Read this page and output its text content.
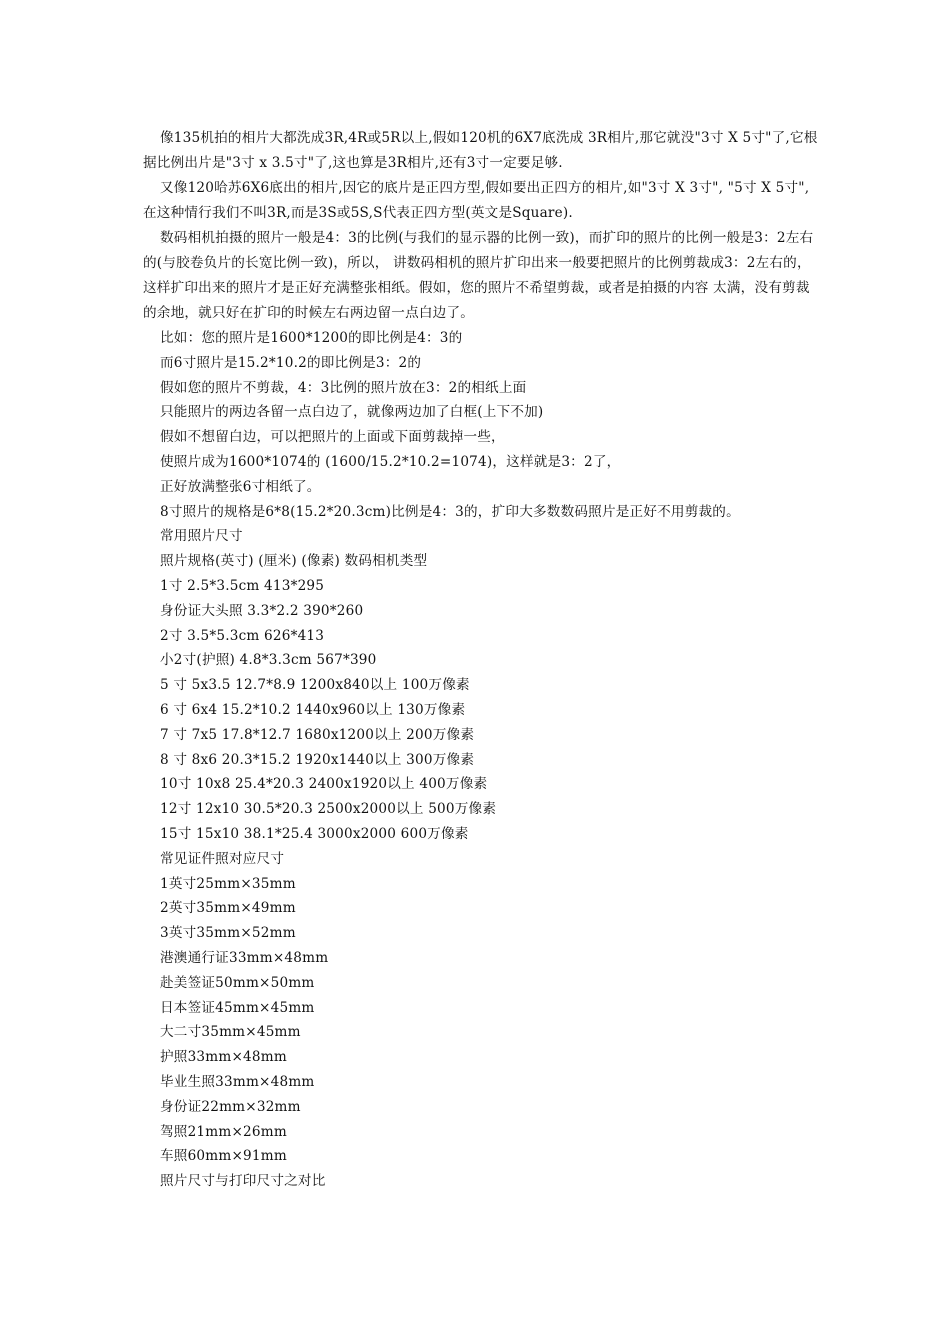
像135机拍的相片大都洗成3R,4R或5R以上,假如120机的6X7底洗成 3R相片,那它就没"3寸 X 5寸"了,它根据比例出片是"3寸 x 3.5寸"了,这也算是3R相片,还有3寸一定要足够.

又像120哈苏6X6底出的相片,因它的底片是正四方型,假如要出正四方的相片,如"3寸 X 3寸", "5寸 X 5寸",在这种情行我们不叫3R,而是3S或5S,S代表正四方型(英文是Square).

数码相机拍摄的照片一般是4：3的比例(与我们的显示器的比例一致)，而扩印的照片的比例一般是3：2左右的(与胶卷负片的长宽比例一致)，所以， 讲数码相机的照片扩印出来一般要把照片的比例剪裁成3：2左右的，这样扩印出来的照片才是正好充满整张相纸。假如，您的照片不希望剪裁，或者是拍摄的内容 太满，没有剪裁的余地，就只好在扩印的时候左右两边留一点白边了。

比如：您的照片是1600*1200的即比例是4：3的

而6寸照片是15.2*10.2的即比例是3：2的

假如您的照片不剪裁，4：3比例的照片放在3：2的相纸上面

只能照片的两边各留一点白边了，就像两边加了白框(上下不加)

假如不想留白边，可以把照片的上面或下面剪裁掉一些，

使照片成为1600*1074的 (1600/15.2*10.2=1074)，这样就是3：2了，

正好放满整张6寸相纸了。

8寸照片的规格是6*8(15.2*20.3cm)比例是4：3的，扩印大多数数码照片是正好不用剪裁的。

常用照片尺寸

照片规格(英寸) (厘米) (像素) 数码相机类型

1寸 2.5*3.5cm 413*295

身份证大头照 3.3*2.2 390*260

2寸 3.5*5.3cm 626*413

小2寸(护照) 4.8*3.3cm 567*390

5 寸 5x3.5 12.7*8.9 1200x840以上 100万像素

6 寸 6x4 15.2*10.2 1440x960以上 130万像素

7 寸 7x5 17.8*12.7 1680x1200以上 200万像素

8 寸 8x6 20.3*15.2 1920x1440以上 300万像素

10寸 10x8 25.4*20.3 2400x1920以上 400万像素

12寸 12x10 30.5*20.3 2500x2000以上 500万像素

15寸 15x10 38.1*25.4 3000x2000 600万像素

常见证件照对应尺寸

1英寸25mm×35mm

2英寸35mm×49mm

3英寸35mm×52mm

港澳通行证33mm×48mm

赴美签证50mm×50mm

日本签证45mm×45mm

大二寸35mm×45mm

护照33mm×48mm

毕业生照33mm×48mm

身份证22mm×32mm

驾照21mm×26mm

车照60mm×91mm

照片尺寸与打印尺寸之对比
